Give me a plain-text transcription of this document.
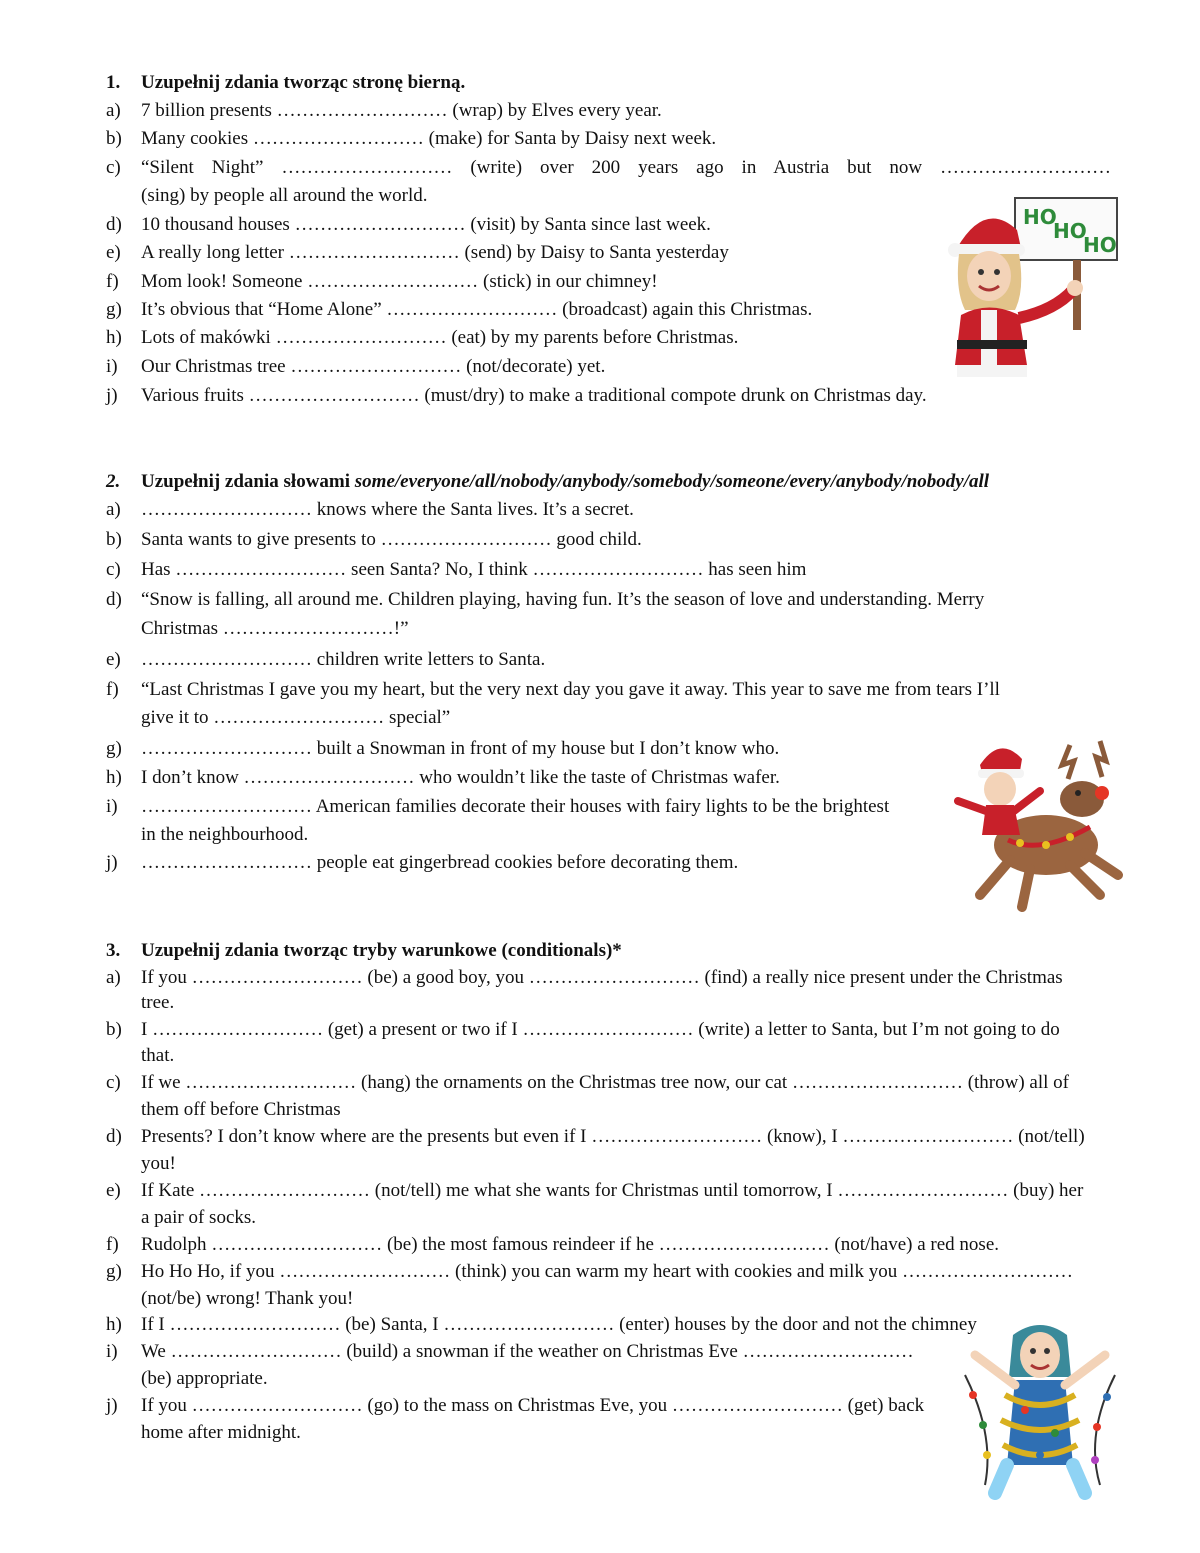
1. Uzupełnij zdania tworząc stronę bierną.
a) 7 billion presents ……………………… (wrap) by Elves every year.
b) Many cookies ……………………… (make) for Santa by Daisy next week.
c) “Silent Night” ……………………… (write) over 200 years ago in Austria but now ………………………
(sing) by people all around the world.
d) 10 thousand houses ……………………… (visit) by Santa since last week.
e) A really long letter ……………………… (send) by Daisy to Santa yesterday
f) Mom look! Someone ……………………… (stick) in our chimney!
g) It’s obvious that “Home Alone” ……………………… (broadcast) again this Christmas.
h) Lots of makówki ……………………… (eat) by my parents before Christmas.
i) Our Christmas tree ……………………… (not/decorate) yet.
j) Various fruits ……………………… (must/dry) to make a traditional compote drunk on Christmas day.
2. Uzupełnij zdania słowami some/everyone/all/nobody/anybody/somebody/someone/every/anybody/nobody/all
a) ……………………… knows where the Santa lives. It’s a secret.
b) Santa wants to give presents to ……………………… good child.
c) Has ……………………… seen Santa? No, I think ……………………… has seen him
d) “Snow is falling, all around me. Children playing, having fun. It’s the season of love and understanding. Merry
Christmas ………………………!”
e) ……………………… children write letters to Santa.
f) “Last Christmas I gave you my heart, but the very next day you gave it away. This year to save me from tears I’ll
give it to ……………………… special”
g) ……………………… built a Snowman in front of my house but I don’t know who.
h) I don’t know ……………………… who wouldn’t like the taste of Christmas wafer.
i) ……………………… American families decorate their houses with fairy lights to be the brightest
in the neighbourhood.
j) ……………………… people eat gingerbread cookies before decorating them.
3. Uzupełnij zdania tworząc tryby warunkowe (conditionals)*
a) If you ……………………… (be) a good boy, you ……………………… (find) a really nice present under the Christmas
tree.
b) I ……………………… (get) a present or two if I ……………………… (write) a letter to Santa, but I’m not going to do
that.
c) If we ……………………… (hang) the ornaments on the Christmas tree now, our cat ……………………… (throw) all of
them off before Christmas
d) Presents? I don’t know where are the presents but even if I ……………………… (know), I ……………………… (not/tell)
you!
e) If Kate ……………………… (not/tell) me what she wants for Christmas until tomorrow, I ……………………… (buy) her
a pair of socks.
f) Rudolph ……………………… (be) the most famous reindeer if he ……………………… (not/have) a red nose.
g) Ho Ho Ho, if you ……………………… (think) you can warm my heart with cookies and milk you ………………………
(not/be) wrong! Thank you!
h) If I ……………………… (be) Santa, I ……………………… (enter) houses by the door and not the chimney
i) We ……………………… (build) a snowman if the weather on Christmas Eve ………………………
(be) appropriate.
j) If you ……………………… (go) to the mass on Christmas Eve, you ……………………… (get) back
home after midnight.
HO
HO
HO
